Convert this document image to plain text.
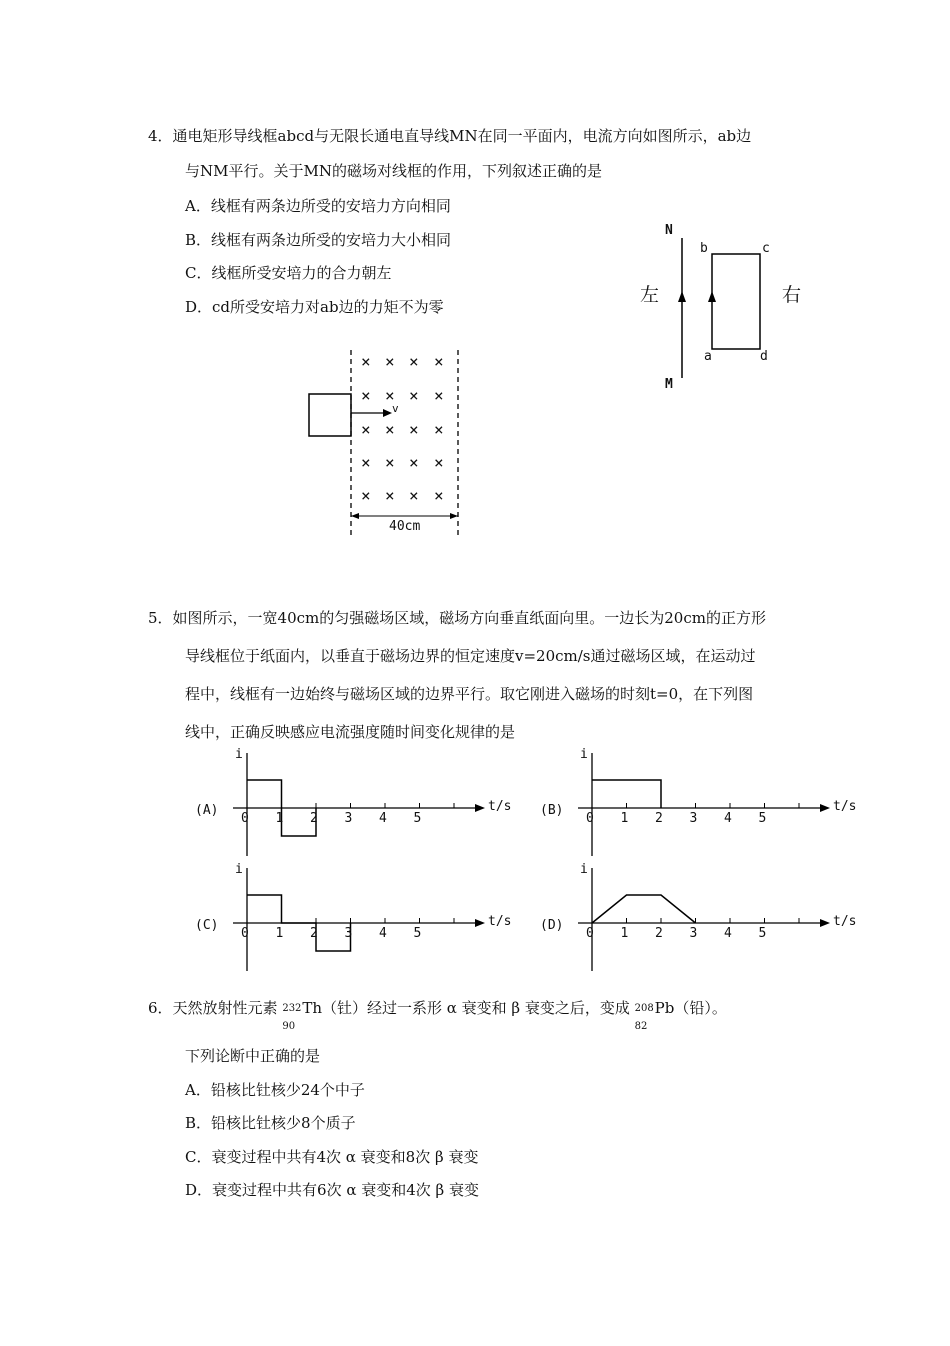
4．通电矩形导线框abcd与无限长通电直导线MN在同一平面内，电流方向如图所示，ab边
与NM平行。关于MN的磁场对线框的作用，下列叙述正确的是
A．线框有两条边所受的安培力方向相同
B．线框有两条边所受的安培力大小相同
C．线框所受安培力的合力朝左
D．cd所受安培力对ab边的力矩不为零
N
M
左	右
b	c
a	d
v
40cm
× × × ×
× × × ×
× × × ×
× × × ×
× × × ×
5．如图所示，一宽40cm的匀强磁场区域，磁场方向垂直纸面向里。一边长为20cm的正方形
导线框位于纸面内，以垂直于磁场边界的恒定速度v=20cm/s通过磁场区域，在运动过
程中，线框有一边始终与磁场区域的边界平行。取它刚进入磁场的时刻t=0，在下列图
线中，正确反映感应电流强度随时间变化规律的是
(A)
i
t/s
0 1 2 3 4 5
(B)
i
t/s
0 1 2 3 4 5
(C)
i
t/s
0 1 2 3 4 5
(D)
i
t/s
0 1 2 3 4 5
6．天然放射性元素 232
90
Th（钍）经过一系形 α 衰变和 β 衰变之后，变成 208
82
Pb（铅）。
下列论断中正确的是
A．铅核比钍核少24个中子
B．铅核比钍核少8个质子
C．衰变过程中共有4次 α 衰变和8次 β 衰变
D．衰变过程中共有6次 α 衰变和4次 β 衰变
